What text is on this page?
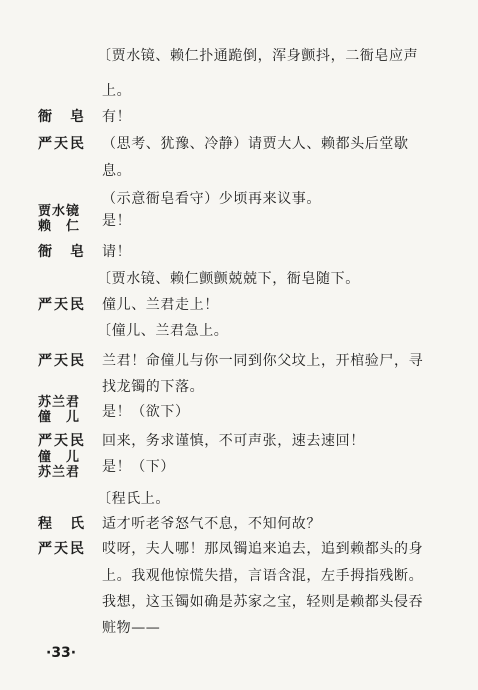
〔贾水镜、赖仁扑通跪倒，浑身颤抖，二衙皂应声
上。
衙　皂 有！
严天民 （思考、犹豫、冷静）请贾大人、赖都头后堂歇
息。
（示意衙皂看守）少顷再来议事。
贾水镜
赖　仁 是！
衙　皂 请！
〔贾水镜、赖仁颤颤兢兢下，衙皂随下。
严天民 僮儿、兰君走上！
〔僮儿、兰君急上。
严天民 兰君！命僮儿与你一同到你父坟上，开棺验尸，寻
找龙镯的下落。
苏兰君
僮　儿 是！（欲下）
严天民 回来，务求谨慎，不可声张，速去速回！
僮　儿
苏兰君 是！（下）
〔程氏上。
程　氏 适才听老爷怒气不息，不知何故？
严天民 哎呀，夫人哪！那凤镯追来追去，追到赖都头的身
上。我观他惊慌失措，言语含混，左手拇指残断。
我想，这玉镯如确是苏家之宝，轻则是赖都头侵吞
赃物——
·33·
